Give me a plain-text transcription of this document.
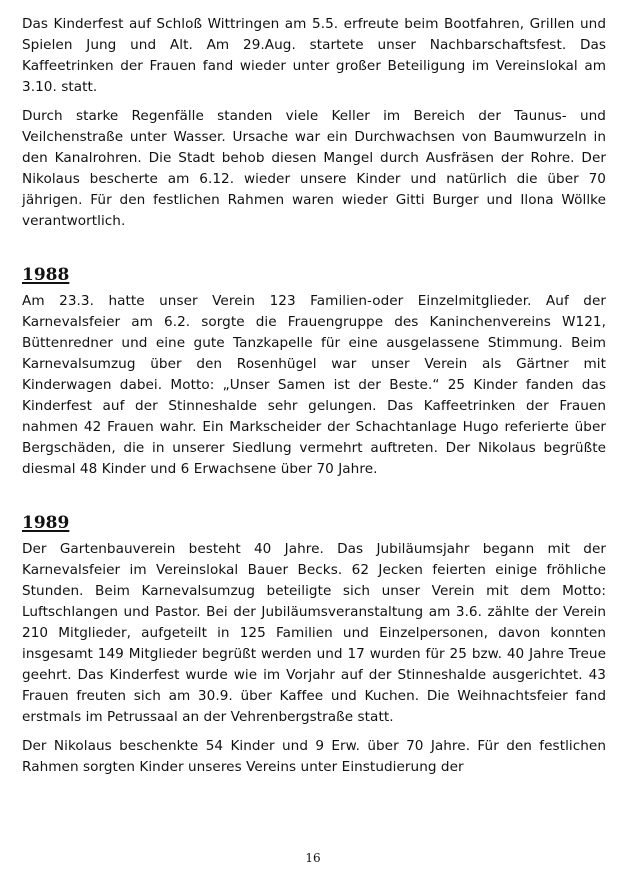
Das Kinderfest auf Schloß Wittringen am 5.5. erfreute beim Bootfahren, Grillen und Spielen Jung und Alt. Am 29.Aug. startete unser Nachbarschaftsfest. Das Kaffeetrinken der Frauen fand wieder unter großer Beteiligung im Vereinslokal am 3.10. statt.

Durch starke Regenfälle standen viele Keller im Bereich der Taunus- und Veilchenstraße unter Wasser. Ursache war ein Durchwachsen von Baumwurzeln in den Kanalrohren. Die Stadt behob diesen Mangel durch Ausfräsen der Rohre. Der Nikolaus bescherte am 6.12. wieder unsere Kinder und natürlich die über 70 jährigen. Für den festlichen Rahmen waren wieder Gitti Burger und Ilona Wöllke verantwortlich.

1988

Am 23.3. hatte unser Verein 123 Familien-oder Einzelmitglieder. Auf der Karnevalsfeier am 6.2. sorgte die Frauengruppe des Kaninchenvereins W121, Büttenredner und eine gute Tanzkapelle für eine ausgelassene Stimmung. Beim Karnevalsumzug über den Rosenhügel war unser Verein als Gärtner mit Kinderwagen dabei. Motto: „Unser Samen ist der Beste.“ 25 Kinder fanden das Kinderfest auf der Stinneshalde sehr gelungen. Das Kaffeetrinken der Frauen nahmen 42 Frauen wahr. Ein Markscheider der Schachtanlage Hugo referierte über Bergschäden, die in unserer Siedlung vermehrt auftreten. Der Nikolaus begrüßte diesmal 48 Kinder und 6 Erwachsene über 70 Jahre.

1989

Der Gartenbauverein besteht 40 Jahre. Das Jubiläumsjahr begann mit der Karnevalsfeier im Vereinslokal Bauer Becks. 62 Jecken feierten einige fröhliche Stunden. Beim Karnevalsumzug beteiligte sich unser Verein mit dem Motto: Luftschlangen und Pastor. Bei der Jubiläumsveranstaltung am 3.6. zählte der Verein 210 Mitglieder, aufgeteilt in 125 Familien und Einzelpersonen, davon konnten insgesamt 149 Mitglieder begrüßt werden und 17 wurden für 25 bzw. 40 Jahre Treue geehrt. Das Kinderfest wurde wie im Vorjahr auf der Stinneshalde ausgerichtet. 43 Frauen freuten sich am 30.9. über Kaffee und Kuchen. Die Weihnachtsfeier fand erstmals im Petrussaal an der Vehrenbergstraße statt.

Der Nikolaus beschenkte 54 Kinder und 9 Erw. über 70 Jahre. Für den festlichen Rahmen sorgten Kinder unseres Vereins unter Einstudierung der

16
